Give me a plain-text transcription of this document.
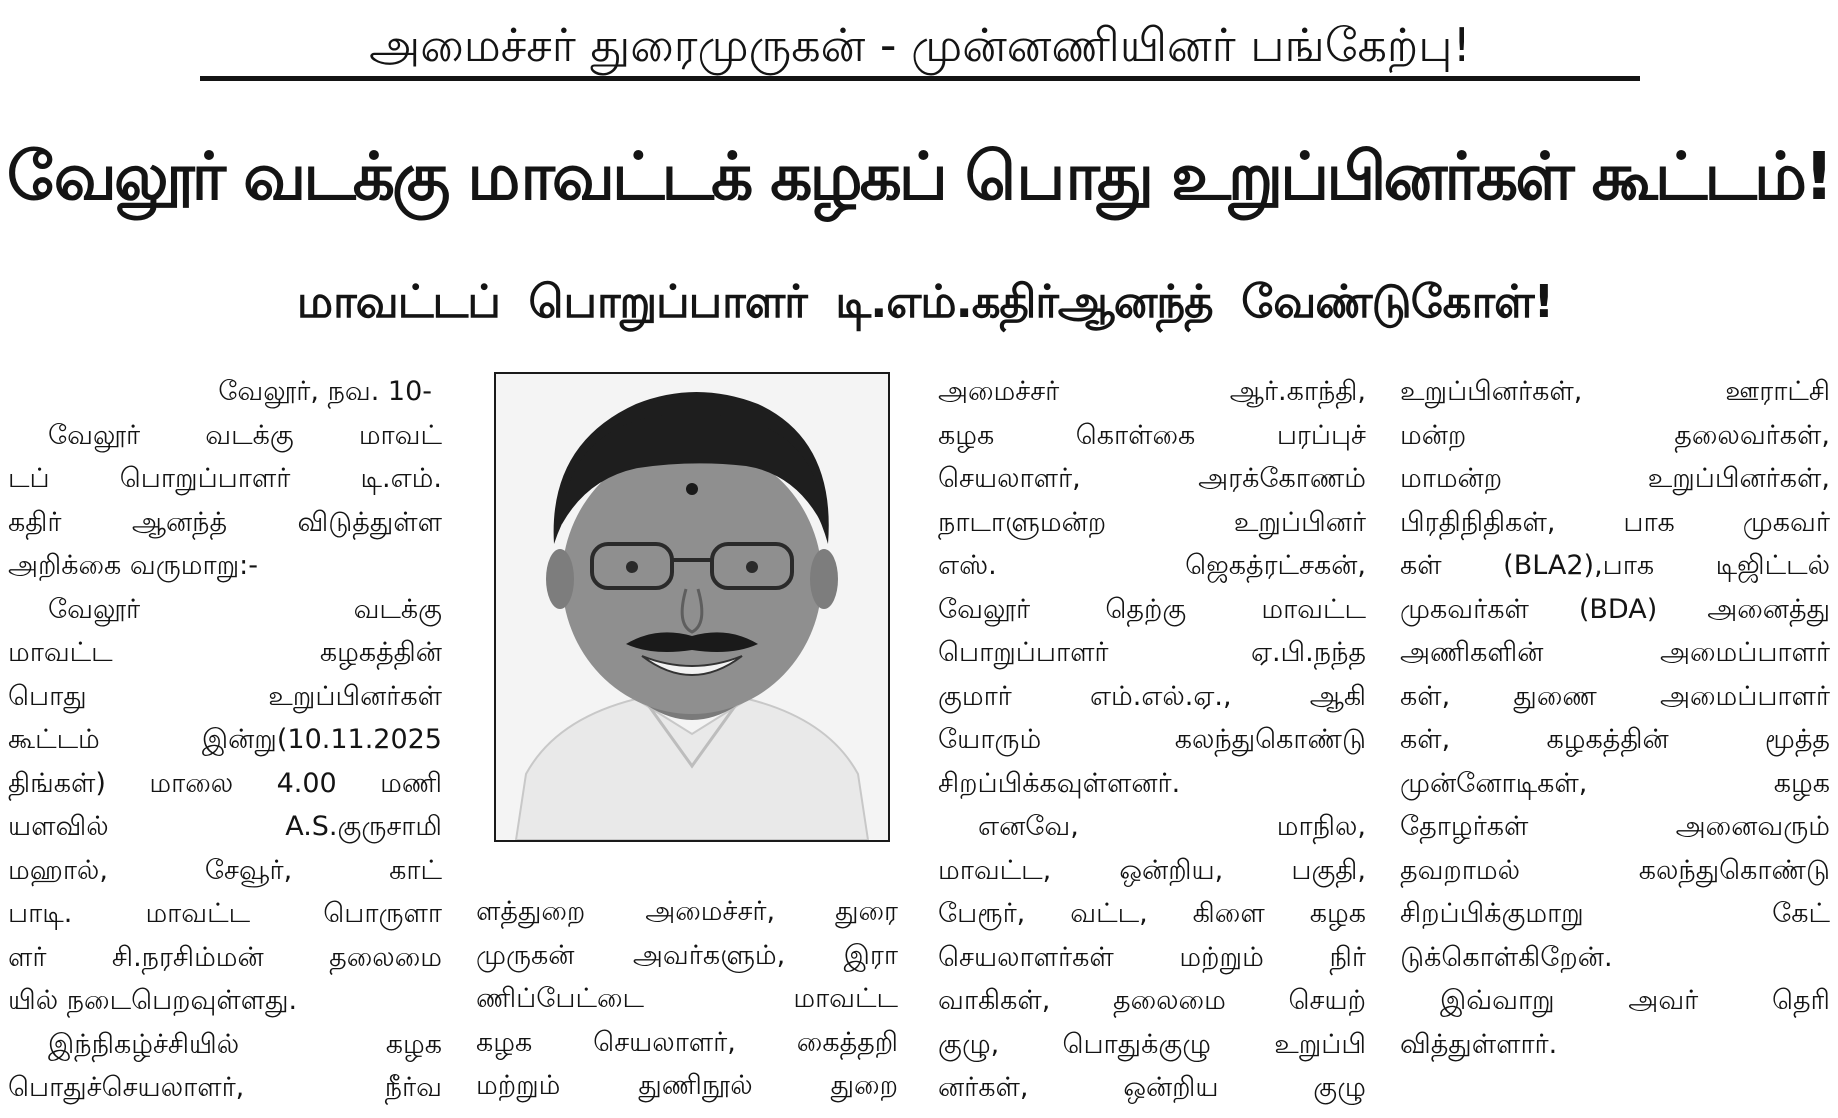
அமைச்சர் துரைமுருகன் - முன்னணியினர் பங்கேற்பு!
வேலூர் வடக்கு மாவட்டக் கழகப் பொது உறுப்பினர்கள் கூட்டம்!
மாவட்டப் பொறுப்பாளர் டி.எம்.கதிர்ஆனந்த் வேண்டுகோள்!

வேலூர், நவ. 10-

வேலூர் வடக்கு மாவட்

டப் பொறுப்பாளர் டி.எம்.

கதிர் ஆனந்த் விடுத்துள்ள

அறிக்கை வருமாறு:-

வேலூர் வடக்கு

மாவட்ட கழகத்தின்

பொது உறுப்பினர்கள்

கூட்டம் இன்று(10.11.2025

திங்கள்) மாலை 4.00 மணி

யளவில் A.S.குருசாமி

மஹால், சேவூர், காட்

பாடி. மாவட்ட பொருளா

ளர் சி.நரசிம்மன் தலைமை

யில் நடைபெறவுள்ளது.

இந்நிகழ்ச்சியில் கழக

பொதுச்செயலாளர், நீர்வ

ளத்துறை அமைச்சர், துரை

முருகன் அவர்களும், இரா

ணிப்பேட்டை மாவட்ட

கழக செயலாளர், கைத்தறி

மற்றும் துணிநூல் துறை

அமைச்சர் ஆர்.காந்தி,

கழக கொள்கை பரப்புச்

செயலாளர், அரக்கோணம்

நாடாளுமன்ற உறுப்பினர்

எஸ். ஜெகத்ரட்சகன்,

வேலூர் தெற்கு மாவட்ட

பொறுப்பாளர் ஏ.பி.நந்த

குமார் எம்.எல்.ஏ., ஆகி

யோரும் கலந்துகொண்டு

சிறப்பிக்கவுள்ளனர்.

எனவே, மாநில,

மாவட்ட, ஒன்றிய, பகுதி,

பேரூர், வட்ட, கிளை கழக

செயலாளர்கள் மற்றும் நிர்

வாகிகள், தலைமை செயற்

குழு, பொதுக்குழு உறுப்பி

னர்கள், ஒன்றிய குழு

உறுப்பினர்கள், ஊராட்சி

மன்ற தலைவர்கள்,

மாமன்ற உறுப்பினர்கள்,

பிரதிநிதிகள், பாக முகவர்

கள் (BLA2),பாக டிஜிட்டல்

முகவர்கள் (BDA) அனைத்து

அணிகளின் அமைப்பாளர்

கள், துணை அமைப்பாளர்

கள், கழகத்தின் மூத்த

முன்னோடிகள், கழக

தோழர்கள் அனைவரும்

தவறாமல் கலந்துகொண்டு

சிறப்பிக்குமாறு கேட்

டுக்கொள்கிறேன்.

இவ்வாறு அவர் தெரி

வித்துள்ளார்.
